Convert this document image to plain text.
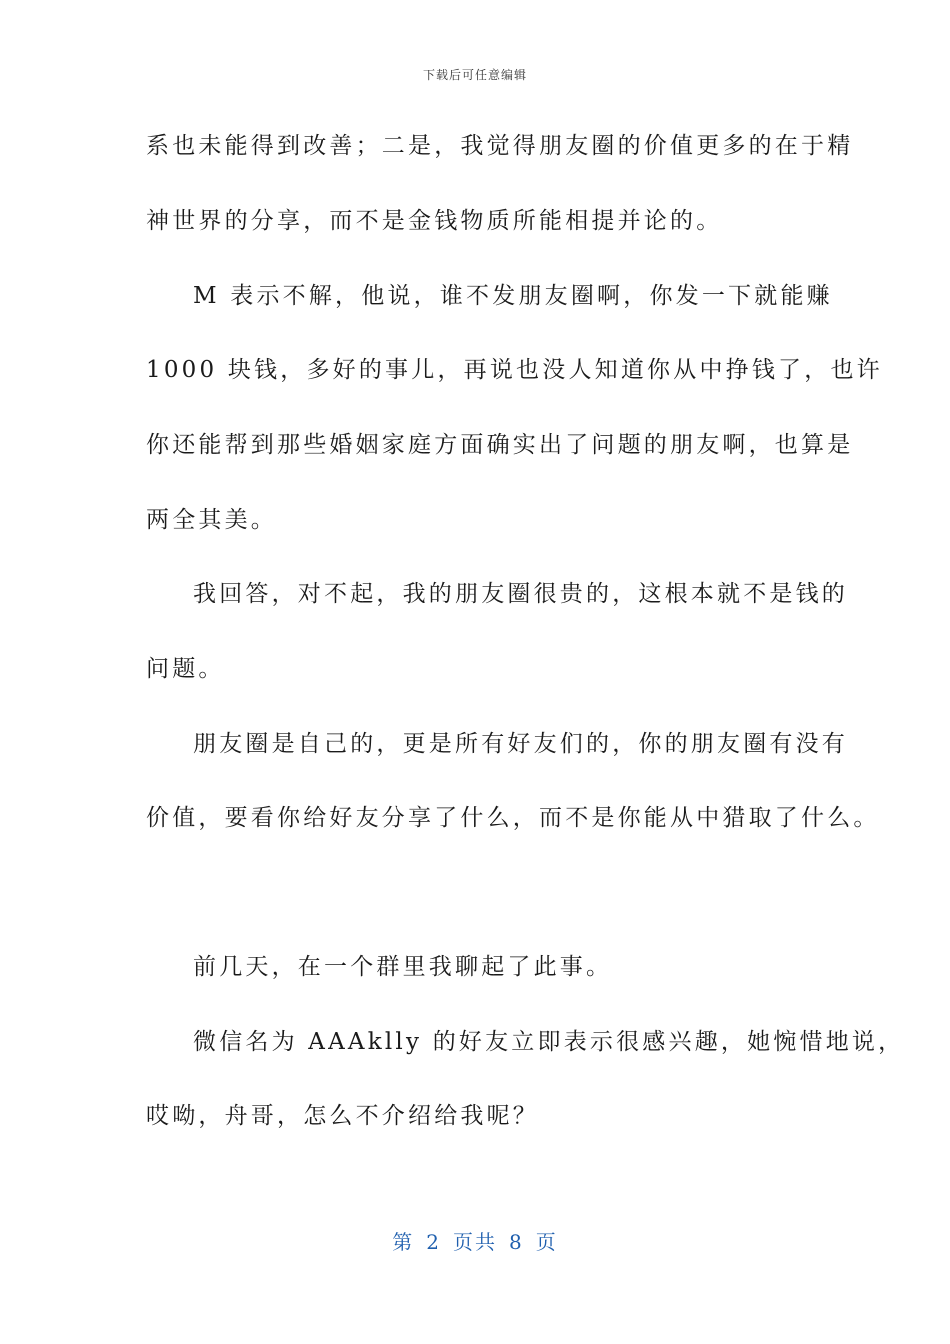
下载后可任意编辑
系也未能得到改善；二是，我觉得朋友圈的价值更多的在于精
神世界的分享，而不是金钱物质所能相提并论的。
M 表示不解，他说，谁不发朋友圈啊，你发一下就能赚
1000 块钱，多好的事儿，再说也没人知道你从中挣钱了，也许
你还能帮到那些婚姻家庭方面确实出了问题的朋友啊，也算是
两全其美。
我回答，对不起，我的朋友圈很贵的，这根本就不是钱的
问题。
朋友圈是自己的，更是所有好友们的，你的朋友圈有没有
价值，要看你给好友分享了什么，而不是你能从中猎取了什么。
前几天，在一个群里我聊起了此事。
微信名为 AAAklly 的好友立即表示很感兴趣，她惋惜地说，
哎呦，舟哥，怎么不介绍给我呢？
第 2 页共 8 页
